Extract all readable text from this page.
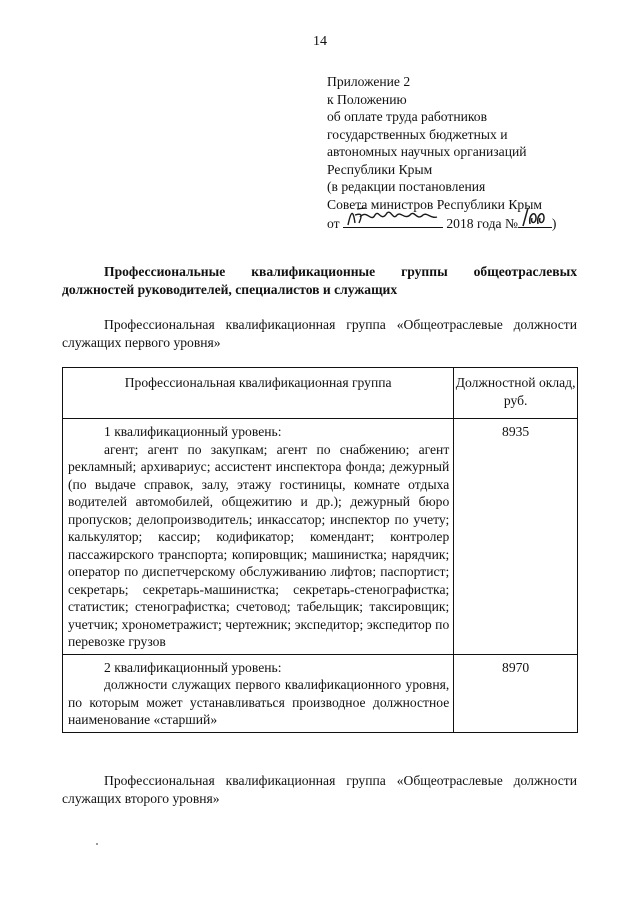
14
Приложение 2
к Положению
об оплате труда работников
государственных бюджетных и
автономных научных организаций
Республики Крым
(в редакции постановления
Совета министров Республики Крым
от	2018 года №	)
Профессиональные квалификационные группы общеотраслевых должностей руководителей, специалистов и служащих
Профессиональная квалификационная группа «Общеотраслевые должности служащих первого уровня»
Профессиональная квалификационная группа	Должностной оклад, руб.

1 квалификационный уровень:
агент; агент по закупкам; агент по снабжению; агент рекламный; архивариус; ассистент инспектора фонда; дежурный (по выдаче справок, залу, этажу гостиницы, комнате отдыха водителей автомобилей, общежитию и др.); дежурный бюро пропусков; делопроизводитель; инкассатор; инспектор по учету; калькулятор; кассир; кодификатор; комендант; контролер пассажирского транспорта; копировщик; машинистка; нарядчик; оператор по диспетчерскому обслуживанию лифтов; паспортист; секретарь; секретарь-машинистка; секретарь-стенографистка; статистик; стенографистка; счетовод; табельщик; таксировщик; учетчик; хронометражист; чертежник; экспедитор; экспедитор по перевозке грузов	8935

2 квалификационный уровень:
должности служащих первого квалификационного уровня, по которым может устанавливаться производное должностное наименование «старший»	8970
Профессиональная квалификационная группа «Общеотраслевые должности служащих второго уровня»
